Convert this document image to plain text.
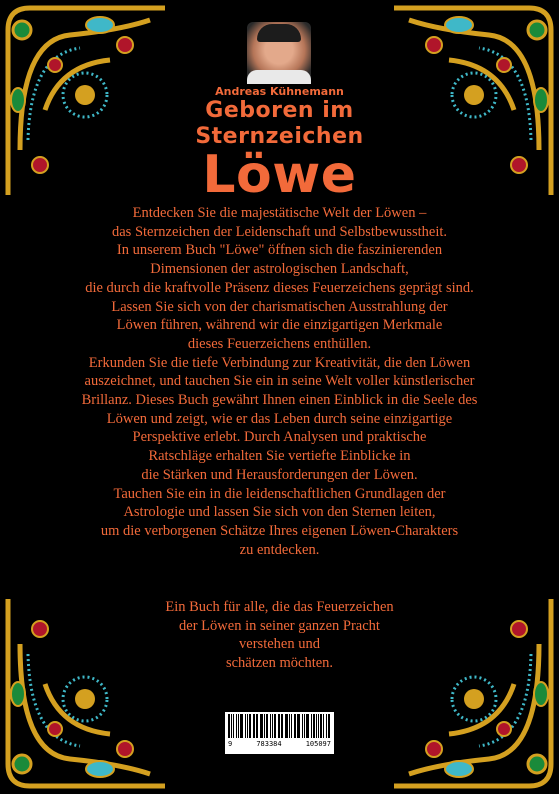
Andreas Kühnemann
Geboren im
Sternzeichen
Löwe
Entdecken Sie die majestätische Welt der Löwen –
das Sternzeichen der Leidenschaft und Selbstbewusstheit.
In unserem Buch "Löwe" öffnen sich die faszinierenden
Dimensionen der astrologischen Landschaft,
die durch die kraftvolle Präsenz dieses Feuerzeichens geprägt sind.
Lassen Sie sich von der charismatischen Ausstrahlung der
Löwen führen, während wir die einzigartigen Merkmale
dieses Feuerzeichens enthüllen.
Erkunden Sie die tiefe Verbindung zur Kreativität, die den Löwen
auszeichnet, und tauchen Sie ein in seine Welt voller künstlerischer
Brillanz. Dieses Buch gewährt Ihnen einen Einblick in die Seele des
Löwen und zeigt, wie er das Leben durch seine einzigartige
Perspektive erlebt. Durch Analysen und praktische
Ratschläge erhalten Sie vertiefte Einblicke in
die Stärken und Herausforderungen der Löwen.
Tauchen Sie ein in die leidenschaftlichen Grundlagen der
Astrologie und lassen Sie sich von den Sternen leiten,
um die verborgenen Schätze Ihres eigenen Löwen-Charakters
zu entdecken.
Ein Buch für alle, die das Feuerzeichen
der Löwen in seiner ganzen Pracht
verstehen und
schätzen möchten.
9	783384	105097
